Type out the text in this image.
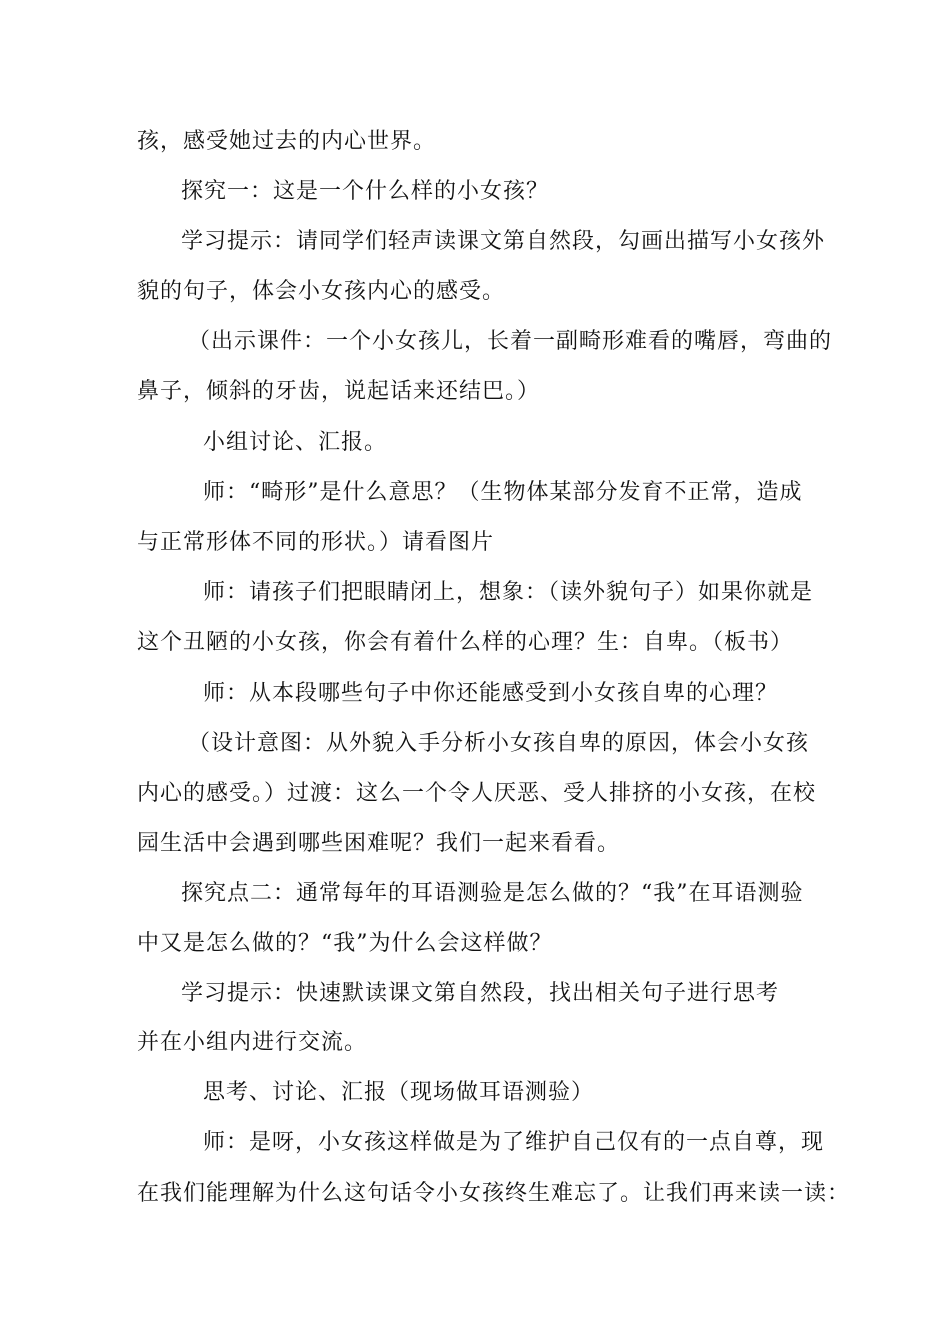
孩，感受她过去的内心世界。
探究一：这是一个什么样的小女孩？
学习提示：请同学们轻声读课文第自然段，勾画出描写小女孩外
貌的句子，体会小女孩内心的感受。
（出示课件：一个小女孩儿，长着一副畸形难看的嘴唇，弯曲的
鼻子，倾斜的牙齿，说起话来还结巴。）
小组讨论、汇报。
师：“畸形”是什么意思？（生物体某部分发育不正常，造成
与正常形体不同的形状。）请看图片
师：请孩子们把眼睛闭上，想象：（读外貌句子）如果你就是
这个丑陋的小女孩，你会有着什么样的心理？生：自卑。（板书）
师：从本段哪些句子中你还能感受到小女孩自卑的心理？
（设计意图：从外貌入手分析小女孩自卑的原因，体会小女孩
内心的感受。）过渡：这么一个令人厌恶、受人排挤的小女孩，在校
园生活中会遇到哪些困难呢？我们一起来看看。
探究点二：通常每年的耳语测验是怎么做的？“我”在耳语测验
中又是怎么做的？“我”为什么会这样做？
学习提示：快速默读课文第自然段，找出相关句子进行思考
并在小组内进行交流。
思考、讨论、汇报（现场做耳语测验）
师：是呀，小女孩这样做是为了维护自己仅有的一点自尊，现
在我们能理解为什么这句话令小女孩终生难忘了。让我们再来读一读：
